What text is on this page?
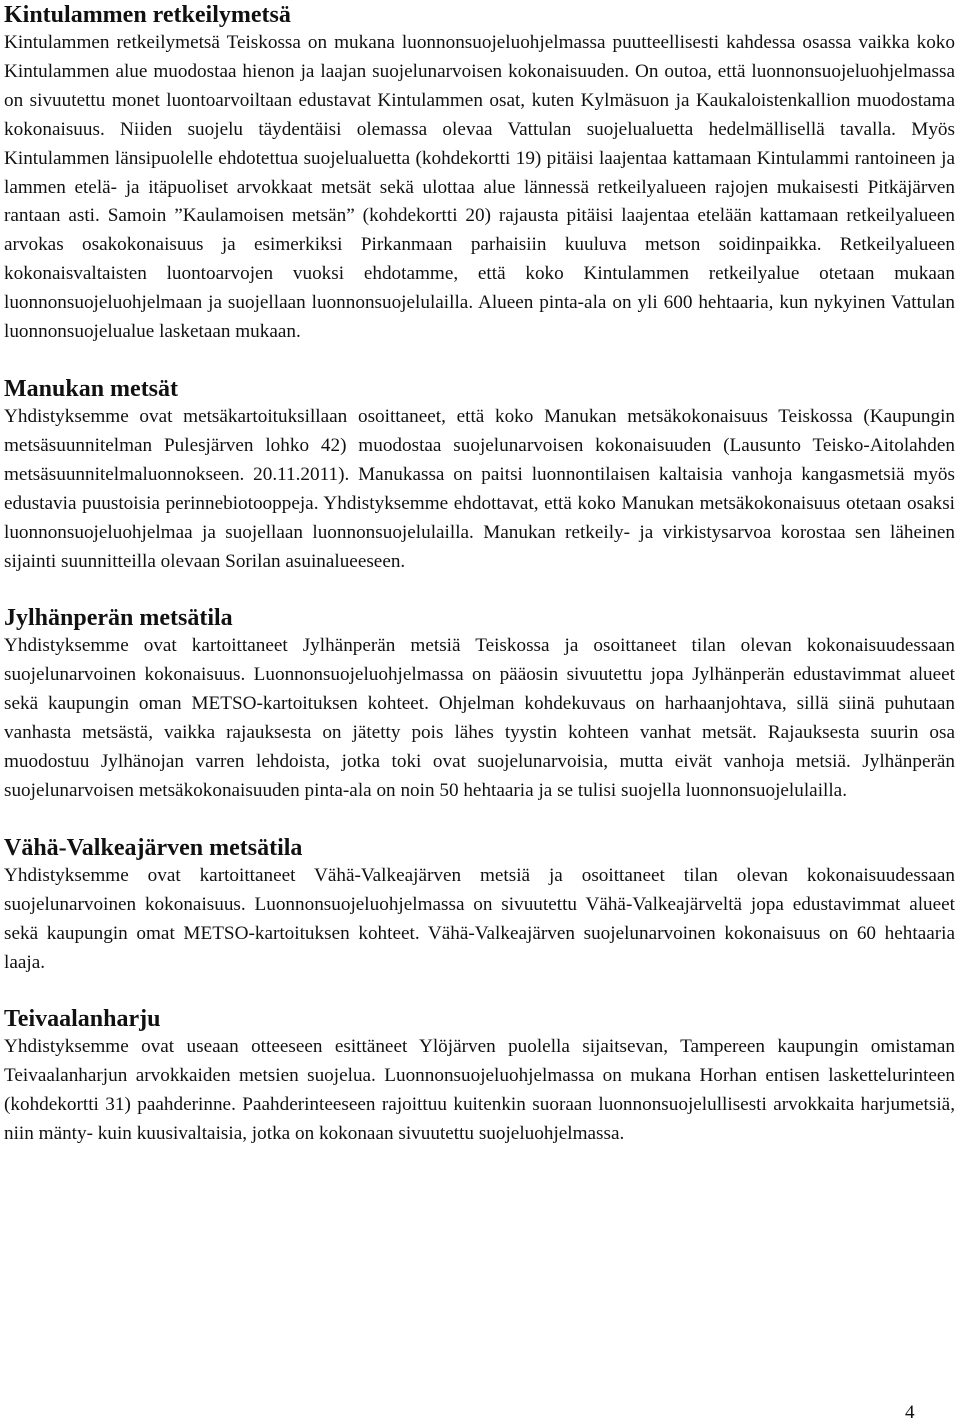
Kintulammen retkeilymetsä

Kintulammen retkeilymetsä Teiskossa on mukana luonnonsuojeluohjelmassa puutteellisesti kahdessa osassa vaikka koko Kintulammen alue muodostaa hienon ja laajan suojelunarvoisen kokonaisuuden. On outoa, että luonnonsuojeluohjelmassa on sivuutettu monet luontoarvoiltaan edustavat Kintulammen osat, kuten Kylmäsuon ja Kaukaloistenkallion muodostama kokonaisuus. Niiden suojelu täydentäisi olemassa olevaa Vattulan suojelualuetta hedelmällisellä tavalla. Myös Kintulammen länsipuolelle ehdotettua suojelualuetta (kohdekortti 19) pitäisi laajentaa kattamaan Kintulammi rantoineen ja lammen etelä- ja itäpuoliset arvokkaat metsät sekä ulottaa alue lännessä retkeilyalueen rajojen mukaisesti Pitkäjärven rantaan asti. Samoin ”Kaulamoisen metsän” (kohdekortti 20) rajausta pitäisi laajentaa etelään kattamaan retkeilyalueen arvokas osakokonaisuus ja esimerkiksi Pirkanmaan parhaisiin kuuluva metson soidinpaikka. Retkeilyalueen kokonaisvaltaisten luontoarvojen vuoksi ehdotamme, että koko Kintulammen retkeilyalue otetaan mukaan luonnonsuojeluohjelmaan ja suojellaan luonnonsuojelulailla. Alueen pinta-ala on yli 600 hehtaaria, kun nykyinen Vattulan luonnonsuojelualue lasketaan mukaan.

Manukan metsät

Yhdistyksemme ovat metsäkartoituksillaan osoittaneet, että koko Manukan metsäkokonaisuus Teiskossa (Kaupungin metsäsuunnitelman Pulesjärven lohko 42) muodostaa suojelunarvoisen kokonaisuuden (Lausunto Teisko-Aitolahden metsäsuunnitelmaluonnokseen. 20.11.2011). Manukassa on paitsi luonnontilaisen kaltaisia vanhoja kangasmetsiä myös edustavia puustoisia perinnebiotooppeja. Yhdistyksemme ehdottavat, että koko Manukan metsäkokonaisuus otetaan osaksi luonnonsuojeluohjelmaa ja suojellaan luonnonsuojelulailla. Manukan retkeily- ja virkistysarvoa korostaa sen läheinen sijainti suunnitteilla olevaan Sorilan asuinalueeseen.

Jylhänperän metsätila

Yhdistyksemme ovat kartoittaneet Jylhänperän metsiä Teiskossa ja osoittaneet tilan olevan kokonaisuudessaan suojelunarvoinen kokonaisuus. Luonnonsuojeluohjelmassa on pääosin sivuutettu jopa Jylhänperän edustavimmat alueet sekä kaupungin oman METSO-kartoituksen kohteet. Ohjelman kohdekuvaus on harhaanjohtava, sillä siinä puhutaan vanhasta metsästä, vaikka rajauksesta on jätetty pois lähes tyystin kohteen vanhat metsät. Rajauksesta suurin osa muodostuu Jylhänojan varren lehdoista, jotka toki ovat suojelunarvoisia, mutta eivät vanhoja metsiä. Jylhänperän suojelunarvoisen metsäkokonaisuuden pinta-ala on noin 50 hehtaaria ja se tulisi suojella luonnonsuojelulailla.

Vähä-Valkeajärven metsätila

Yhdistyksemme ovat kartoittaneet Vähä-Valkeajärven metsiä ja osoittaneet tilan olevan kokonaisuudessaan suojelunarvoinen kokonaisuus. Luonnonsuojeluohjelmassa on sivuutettu Vähä-Valkeajärveltä jopa edustavimmat alueet sekä kaupungin omat METSO-kartoituksen kohteet. Vähä-Valkeajärven suojelunarvoinen kokonaisuus on 60 hehtaaria laaja.

Teivaalanharju

Yhdistyksemme ovat useaan otteeseen esittäneet Ylöjärven puolella sijaitsevan, Tampereen kaupungin omistaman Teivaalanharjun arvokkaiden metsien suojelua. Luonnonsuojeluohjelmassa on mukana Horhan entisen laskettelurinteen (kohdekortti 31) paahderinne. Paahderinteeseen rajoittuu kuitenkin suoraan luonnonsuojelullisesti arvokkaita harjumetsiä, niin mänty- kuin kuusivaltaisia, jotka on kokonaan sivuutettu suojeluohjelmassa.

4
